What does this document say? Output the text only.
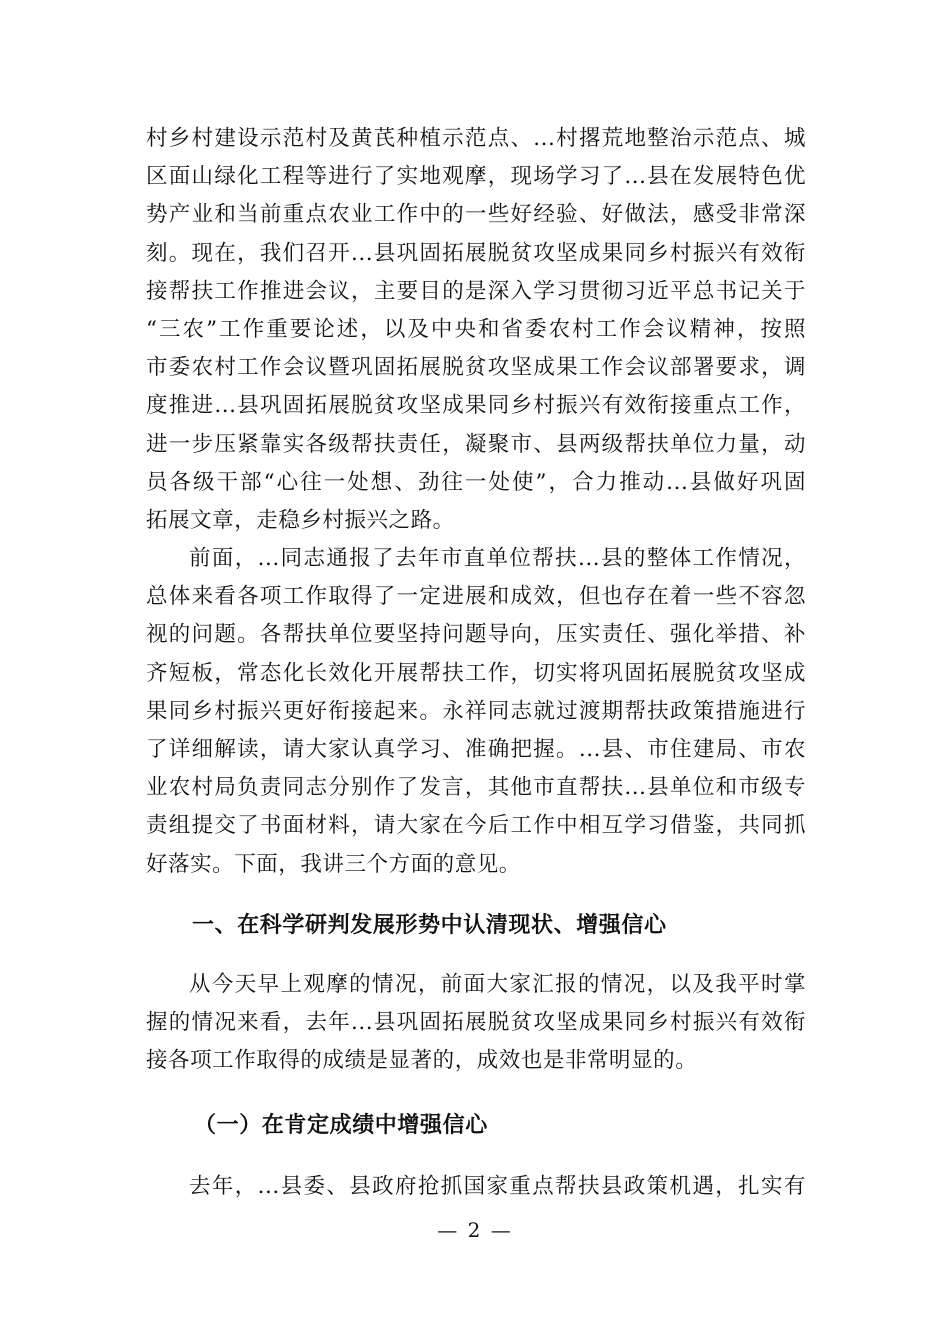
村乡村建设示范村及黄芪种植示范点、...村撂荒地整治示范点、城
区面山绿化工程等进行了实地观摩，现场学习了...县在发展特色优
势产业和当前重点农业工作中的一些好经验、好做法，感受非常深
刻。现在，我们召开...县巩固拓展脱贫攻坚成果同乡村振兴有效衔
接帮扶工作推进会议，主要目的是深入学习贯彻习近平总书记关于
“三农”工作重要论述，以及中央和省委农村工作会议精神，按照
市委农村工作会议暨巩固拓展脱贫攻坚成果工作会议部署要求，调
度推进...县巩固拓展脱贫攻坚成果同乡村振兴有效衔接重点工作，
进一步压紧靠实各级帮扶责任，凝聚市、县两级帮扶单位力量，动
员各级干部“心往一处想、劲往一处使”，合力推动...县做好巩固
拓展文章，走稳乡村振兴之路。
前面，...同志通报了去年市直单位帮扶...县的整体工作情况，
总体来看各项工作取得了一定进展和成效，但也存在着一些不容忽
视的问题。各帮扶单位要坚持问题导向，压实责任、强化举措、补
齐短板，常态化长效化开展帮扶工作，切实将巩固拓展脱贫攻坚成
果同乡村振兴更好衔接起来。永祥同志就过渡期帮扶政策措施进行
了详细解读，请大家认真学习、准确把握。...县、市住建局、市农
业农村局负责同志分别作了发言，其他市直帮扶...县单位和市级专
责组提交了书面材料，请大家在今后工作中相互学习借鉴，共同抓
好落实。下面，我讲三个方面的意见。
一、在科学研判发展形势中认清现状、增强信心
从今天早上观摩的情况，前面大家汇报的情况，以及我平时掌
握的情况来看，去年...县巩固拓展脱贫攻坚成果同乡村振兴有效衔
接各项工作取得的成绩是显著的，成效也是非常明显的。
（一）在肯定成绩中增强信心
去年，...县委、县政府抢抓国家重点帮扶县政策机遇，扎实有
— 2 —
